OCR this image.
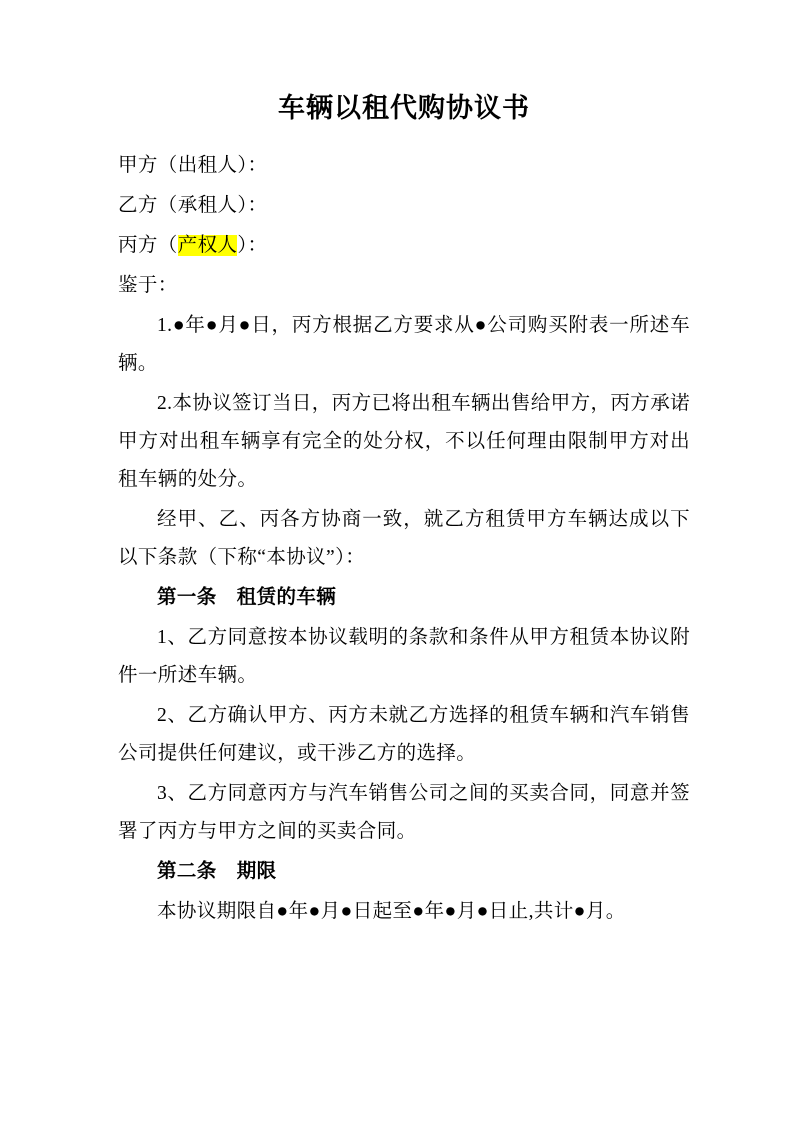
车辆以租代购协议书

甲方（出租人）：

乙方（承租人）：

丙方（产权人）：

鉴于：

1.●年●月●日，丙方根据乙方要求从●公司购买附表一所述车辆。

2.本协议签订当日，丙方已将出租车辆出售给甲方，丙方承诺甲方对出租车辆享有完全的处分权，不以任何理由限制甲方对出租车辆的处分。

经甲、乙、丙各方协商一致，就乙方租赁甲方车辆达成以下以下条款（下称“本协议”）：

第一条 租赁的车辆

1、乙方同意按本协议载明的条款和条件从甲方租赁本协议附件一所述车辆。

2、乙方确认甲方、丙方未就乙方选择的租赁车辆和汽车销售公司提供任何建议，或干涉乙方的选择。

3、乙方同意丙方与汽车销售公司之间的买卖合同，同意并签署了丙方与甲方之间的买卖合同。

第二条 期限

本协议期限自●年●月●日起至●年●月●日止,共计●月。
